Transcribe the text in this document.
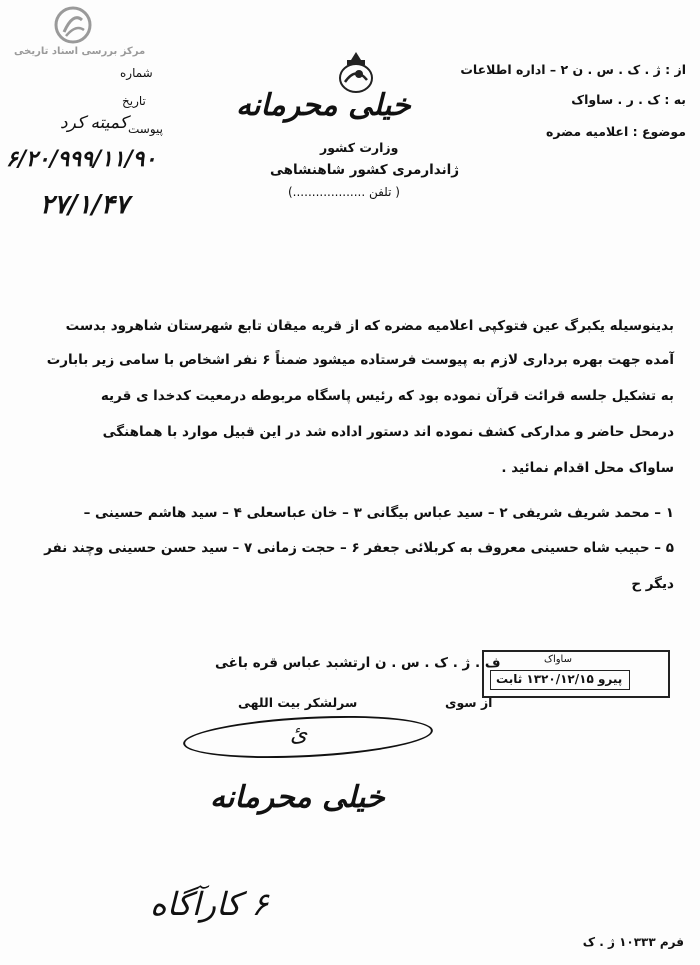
مرکز بررسی اسناد تاریخی
خیلی محرمانه
وزارت کشور
ژاندارمری کشور شاهنشاهی
( تلفن ...................)
شماره
تاریخ
پیوست
کمیته کرد
۶/۲۰/۹۹۹/۱۱/۹۰
۲۷/۱/۴۷
از : ژ . ک . س . ن ۲ – اداره اطلاعات
به : ک . ر . ساواک
موضوع : اعلامیه مضره
بدینوسیله یکبرگ عین فتوکپی اعلامیه مضره که از قریه میقان تابع شهرستان شاهرود بدست
آمده جهت بهره برداری لازم به پیوست فرستاده میشود ضمناً ۶ نفر اشخاص با سامی زیر بابارت
به تشکیل جلسه قرائت قرآن نموده بود که رئیس پاسگاه مربوطه درمعیت کدخدا ی قریه
درمحل حاضر و مدارکی کشف نموده اند دستور اداده شد در این قبیل موارد با هماهنگی
ساواک محل اقدام نمائید .
۱ – محمد شریف شریفی ۲ – سید عباس بیگانی ۳ – خان عباسعلی ۴ – سید هاشم حسینی –
۵ – حبیب شاه حسینی معروف به کربلائی جعفر ۶ – حجت زمانی ۷ – سید حسن حسینی وچند نفر
دیگر ح
ف . ژ . ک . س . ن ارتشبد عباس قره باغی
از سوی
سرلشکر بیت اللهی
ئ
ساواک
پیرو ۱۳۲۰/۱۲/۱۵ ثابت
خیلی محرمانه
۶ کارآگاه
فرم ۱۰۳۳۳ ژ . ک
